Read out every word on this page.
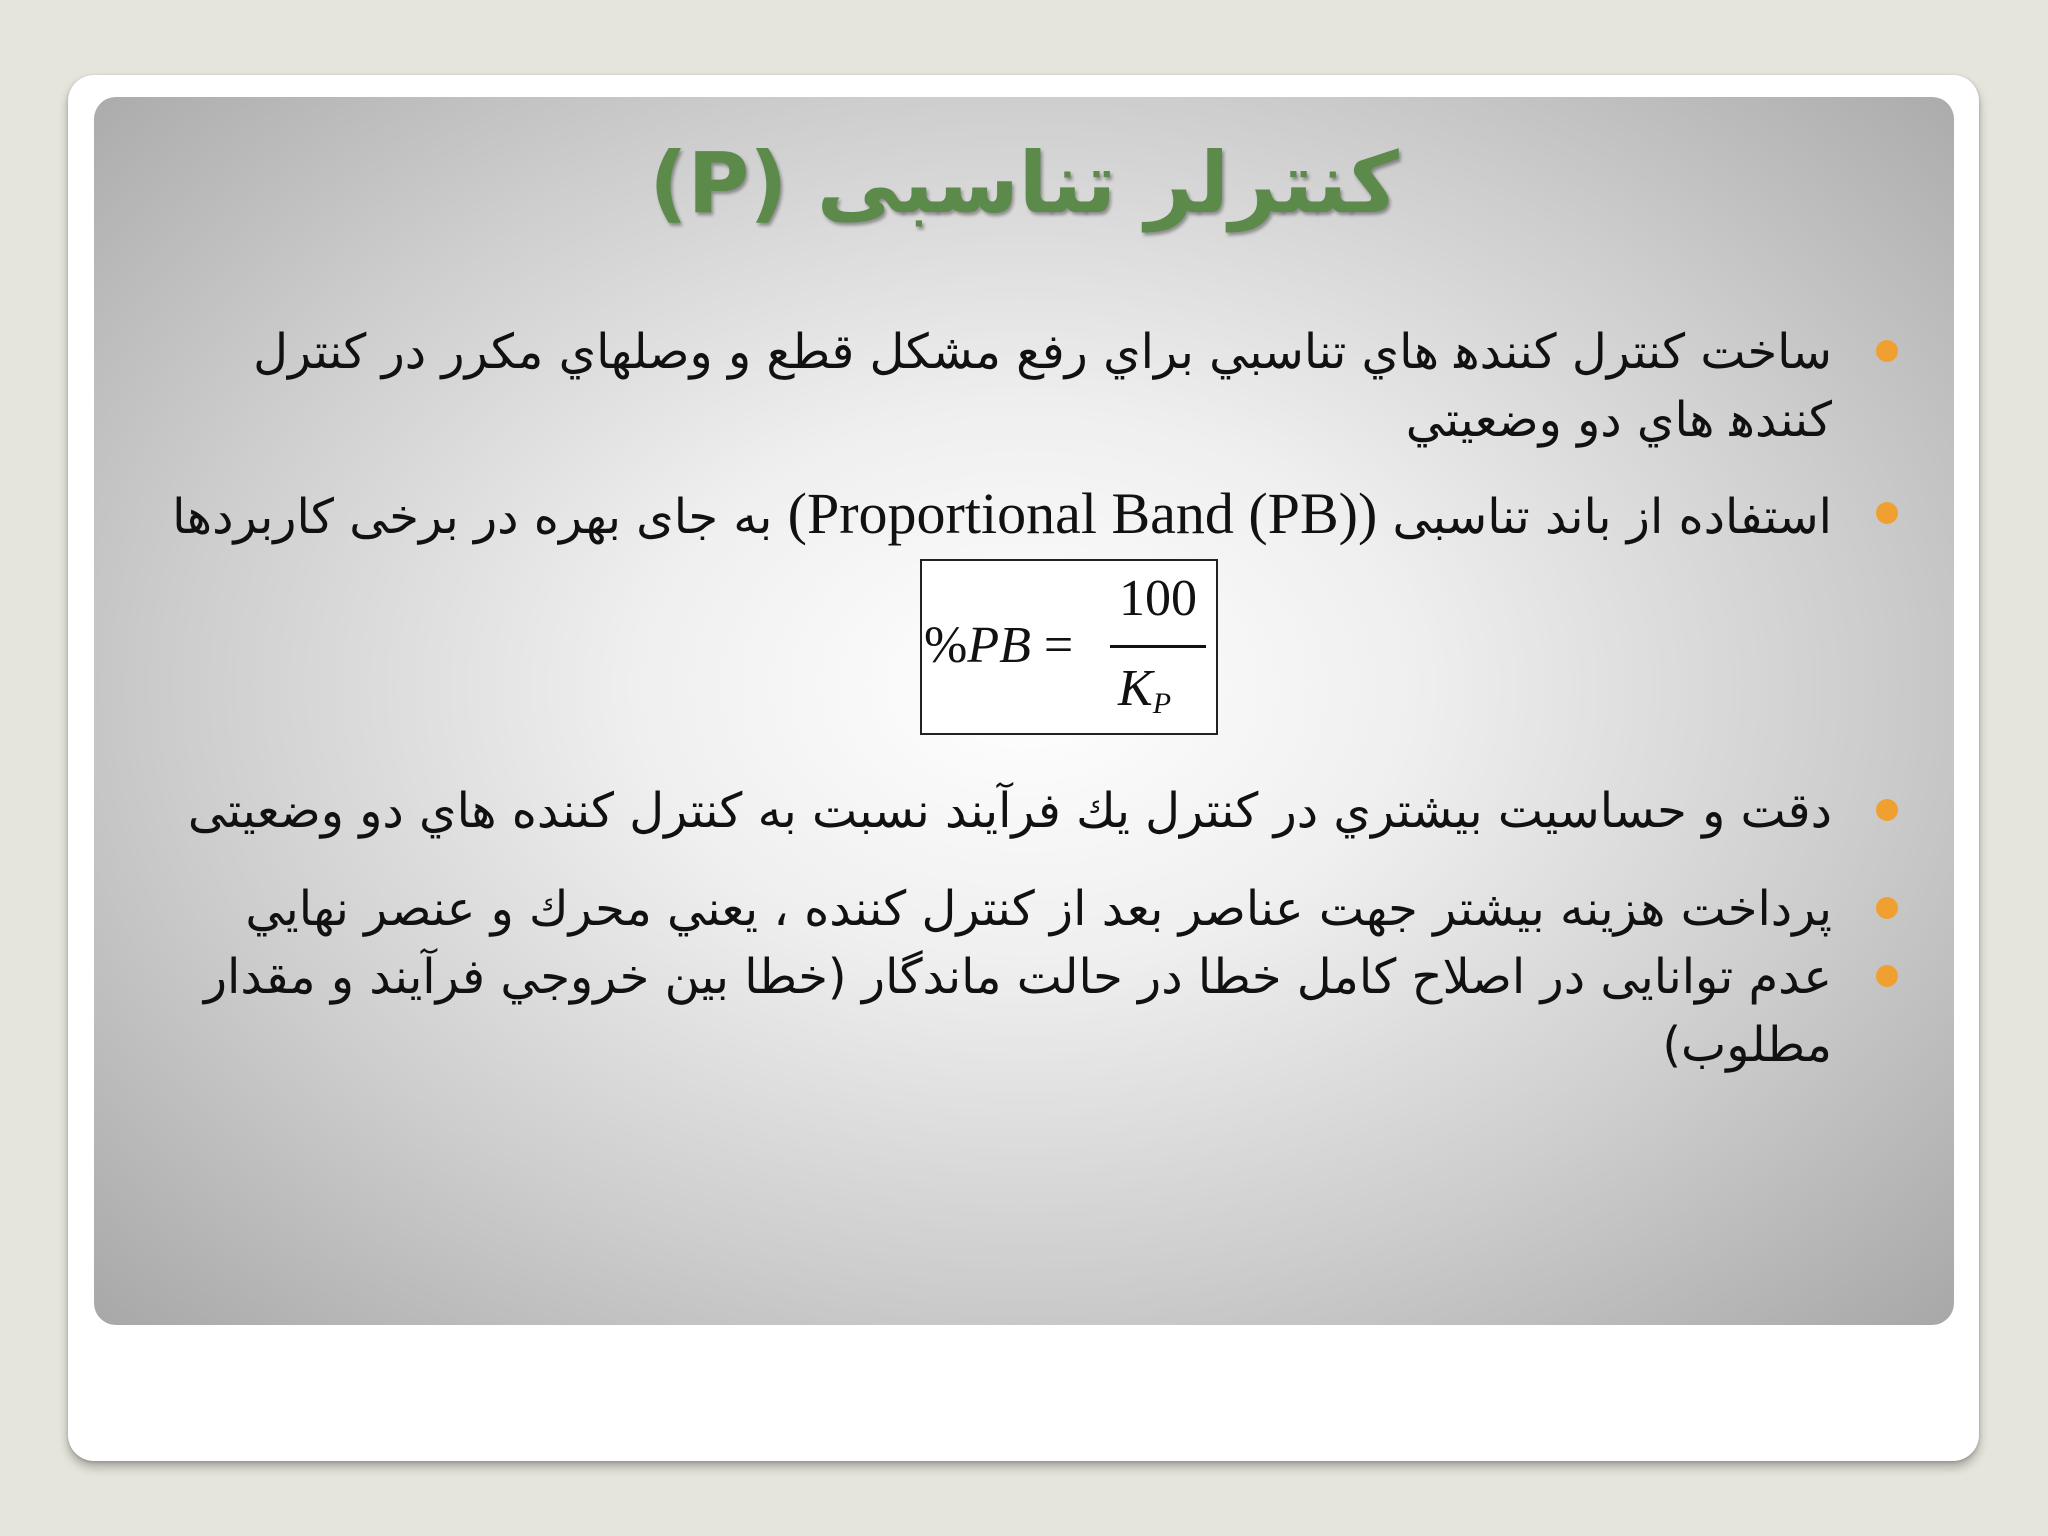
کنترلر تناسبی (P)
ساخت کنترل کنندﻫ هاي تناسبي براي رفع مشکل قطع و وصلهاي مکرر در کنترل کنندﻫ هاي دو وضعيتي
استفاده از باند تناسبی (Proportional Band (PB)) به جای بهره در برخی کاربردها
%PB =
100
$K_P$
دقت و حساسيت بيشتري در کنترل يك فرآيند نسبت به کنترل کننده هاي دو وضعيتی
پرداخت هزينه بيشتر جهت عناصر بعد از کنترل کننده ، يعني محرك و عنصر نهايي
عدم توانايی در اصلاح کامل خطا در حالت ماندگار (خطا بين خروجي فرآيند و مقدار مطلوب)
